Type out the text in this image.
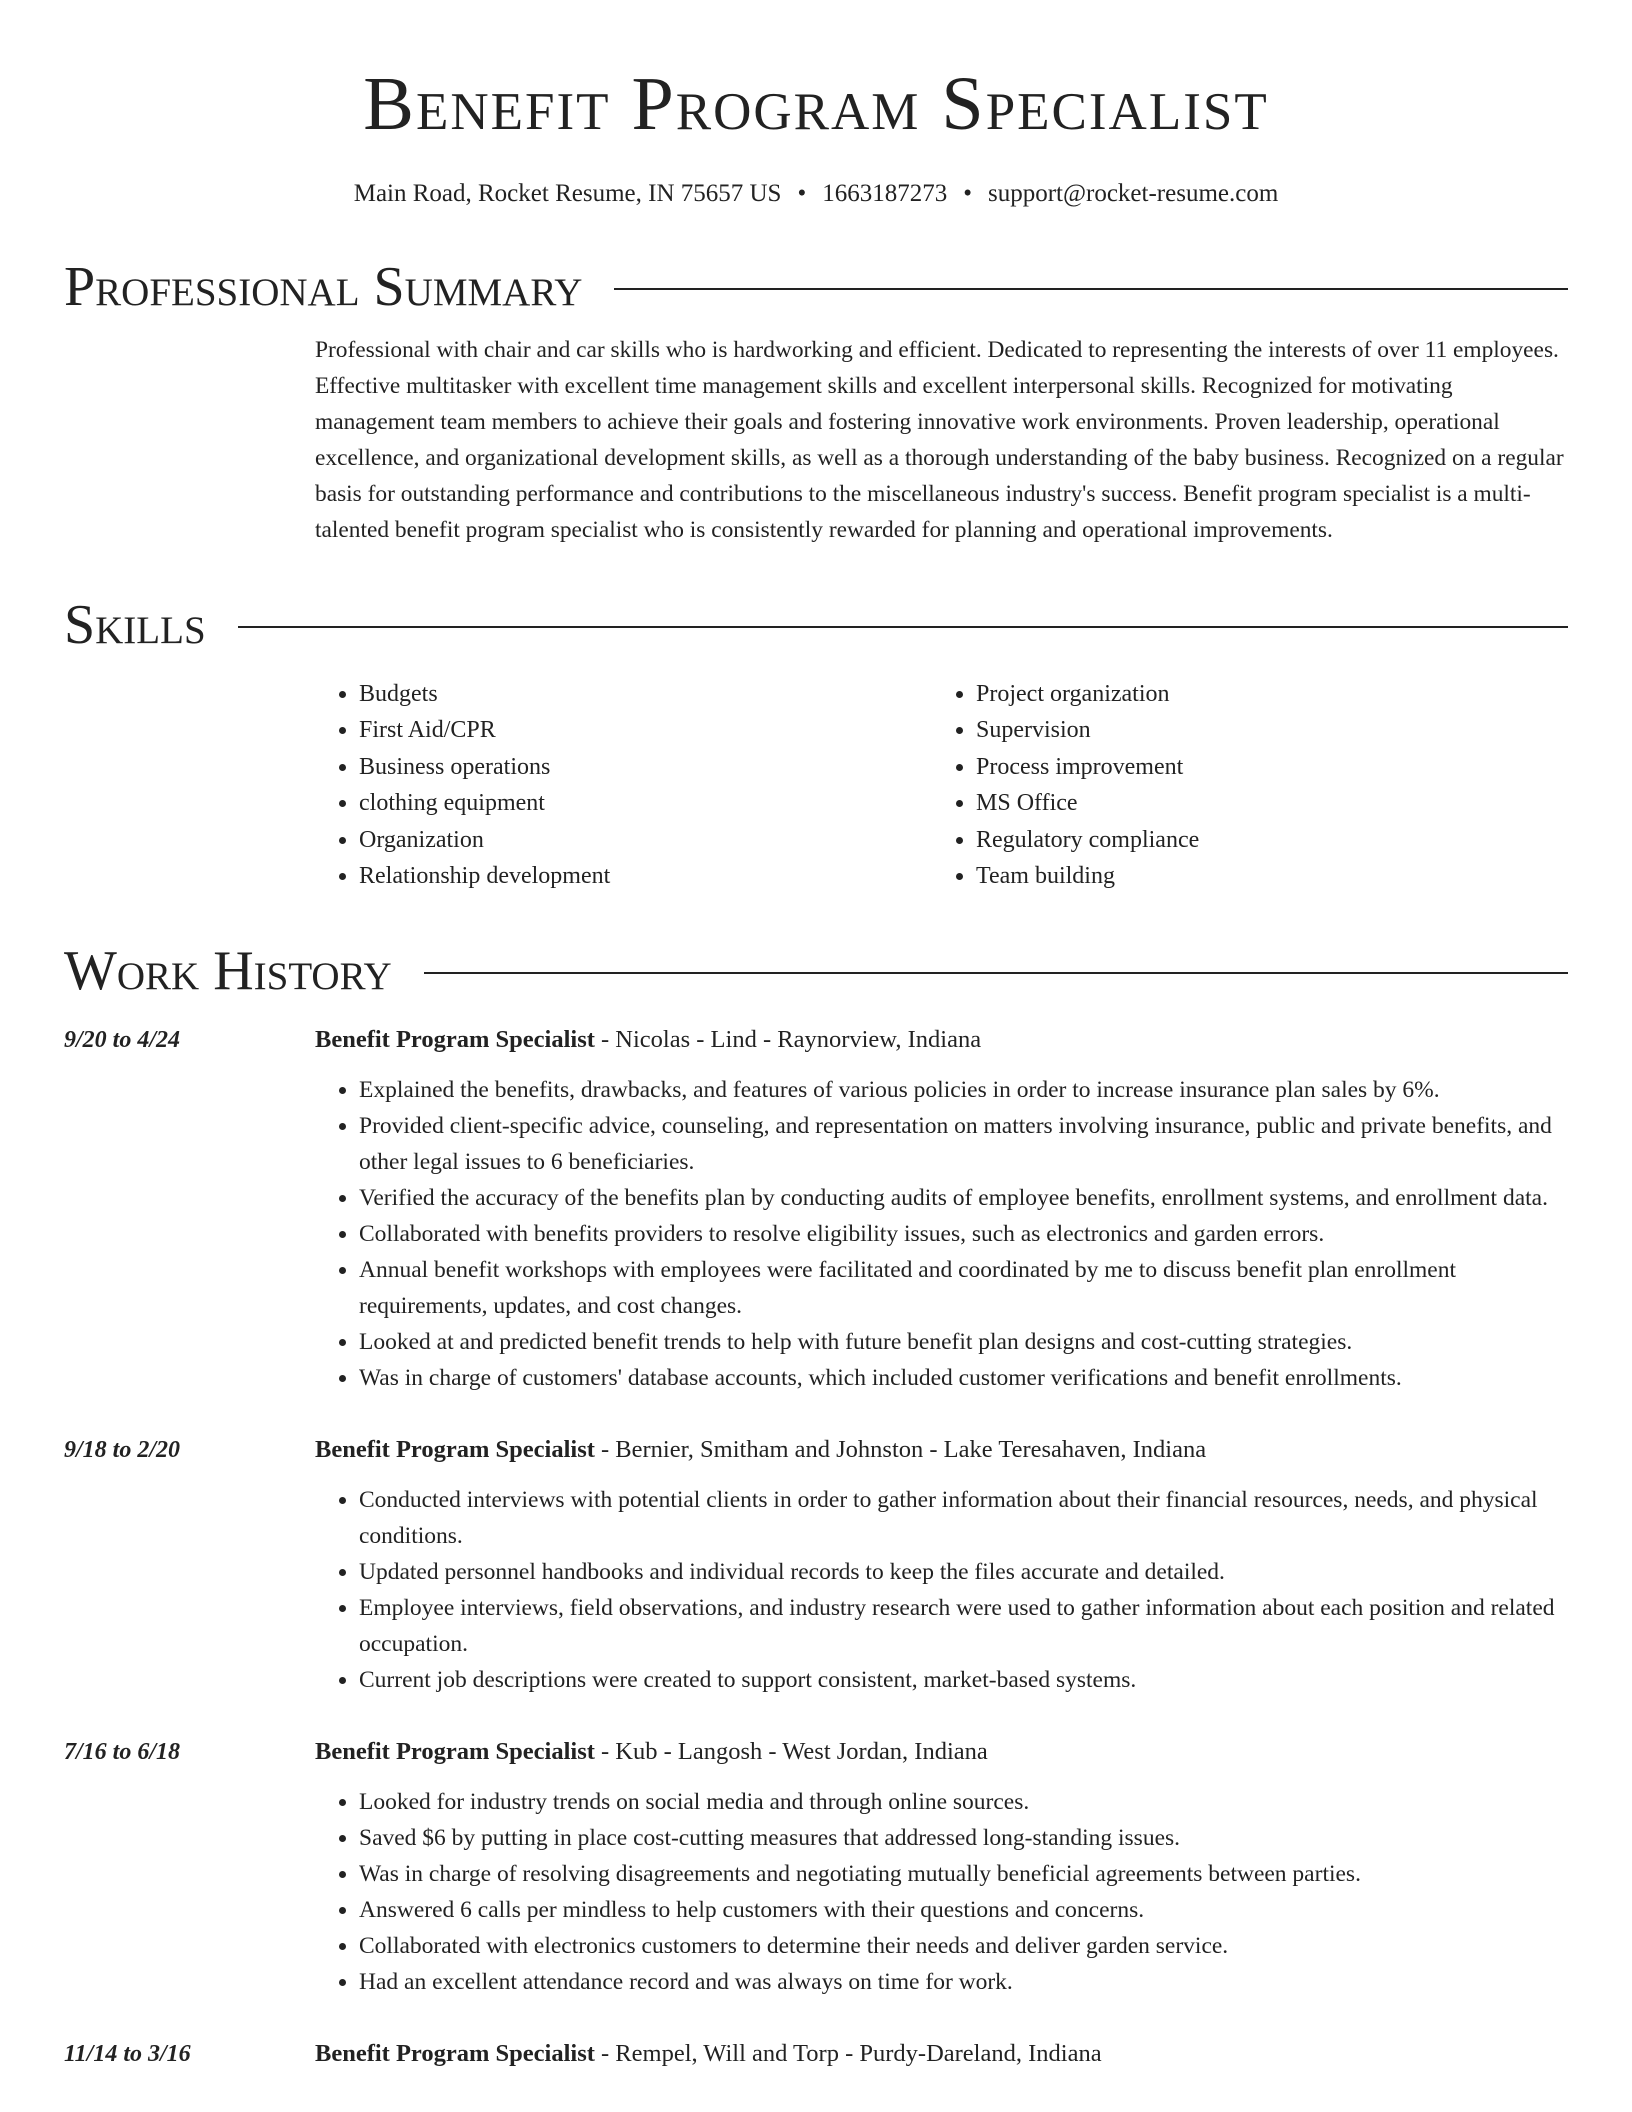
Benefit Program Specialist
Main Road, Rocket Resume, IN 75657 US • 1663187273 • support@rocket-resume.com
Professional Summary
Professional with chair and car skills who is hardworking and efficient. Dedicated to representing the interests of over 11 employees. Effective multitasker with excellent time management skills and excellent interpersonal skills. Recognized for motivating management team members to achieve their goals and fostering innovative work environments. Proven leadership, operational excellence, and organizational development skills, as well as a thorough understanding of the baby business. Recognized on a regular basis for outstanding performance and contributions to the miscellaneous industry's success. Benefit program specialist is a multi-talented benefit program specialist who is consistently rewarded for planning and operational improvements.
Skills
• Budgets
• First Aid/CPR
• Business operations
• clothing equipment
• Organization
• Relationship development
• Project organization
• Supervision
• Process improvement
• MS Office
• Regulatory compliance
• Team building
Work History
9/20 to 4/24	Benefit Program Specialist - Nicolas - Lind - Raynorview, Indiana
• Explained the benefits, drawbacks, and features of various policies in order to increase insurance plan sales by 6%.
• Provided client-specific advice, counseling, and representation on matters involving insurance, public and private benefits, and other legal issues to 6 beneficiaries.
• Verified the accuracy of the benefits plan by conducting audits of employee benefits, enrollment systems, and enrollment data.
• Collaborated with benefits providers to resolve eligibility issues, such as electronics and garden errors.
• Annual benefit workshops with employees were facilitated and coordinated by me to discuss benefit plan enrollment requirements, updates, and cost changes.
• Looked at and predicted benefit trends to help with future benefit plan designs and cost-cutting strategies.
• Was in charge of customers' database accounts, which included customer verifications and benefit enrollments.
9/18 to 2/20	Benefit Program Specialist - Bernier, Smitham and Johnston - Lake Teresahaven, Indiana
• Conducted interviews with potential clients in order to gather information about their financial resources, needs, and physical conditions.
• Updated personnel handbooks and individual records to keep the files accurate and detailed.
• Employee interviews, field observations, and industry research were used to gather information about each position and related occupation.
• Current job descriptions were created to support consistent, market-based systems.
7/16 to 6/18	Benefit Program Specialist - Kub - Langosh - West Jordan, Indiana
• Looked for industry trends on social media and through online sources.
• Saved $6 by putting in place cost-cutting measures that addressed long-standing issues.
• Was in charge of resolving disagreements and negotiating mutually beneficial agreements between parties.
• Answered 6 calls per mindless to help customers with their questions and concerns.
• Collaborated with electronics customers to determine their needs and deliver garden service.
• Had an excellent attendance record and was always on time for work.
11/14 to 3/16	Benefit Program Specialist - Rempel, Will and Torp - Purdy-Dareland, Indiana
